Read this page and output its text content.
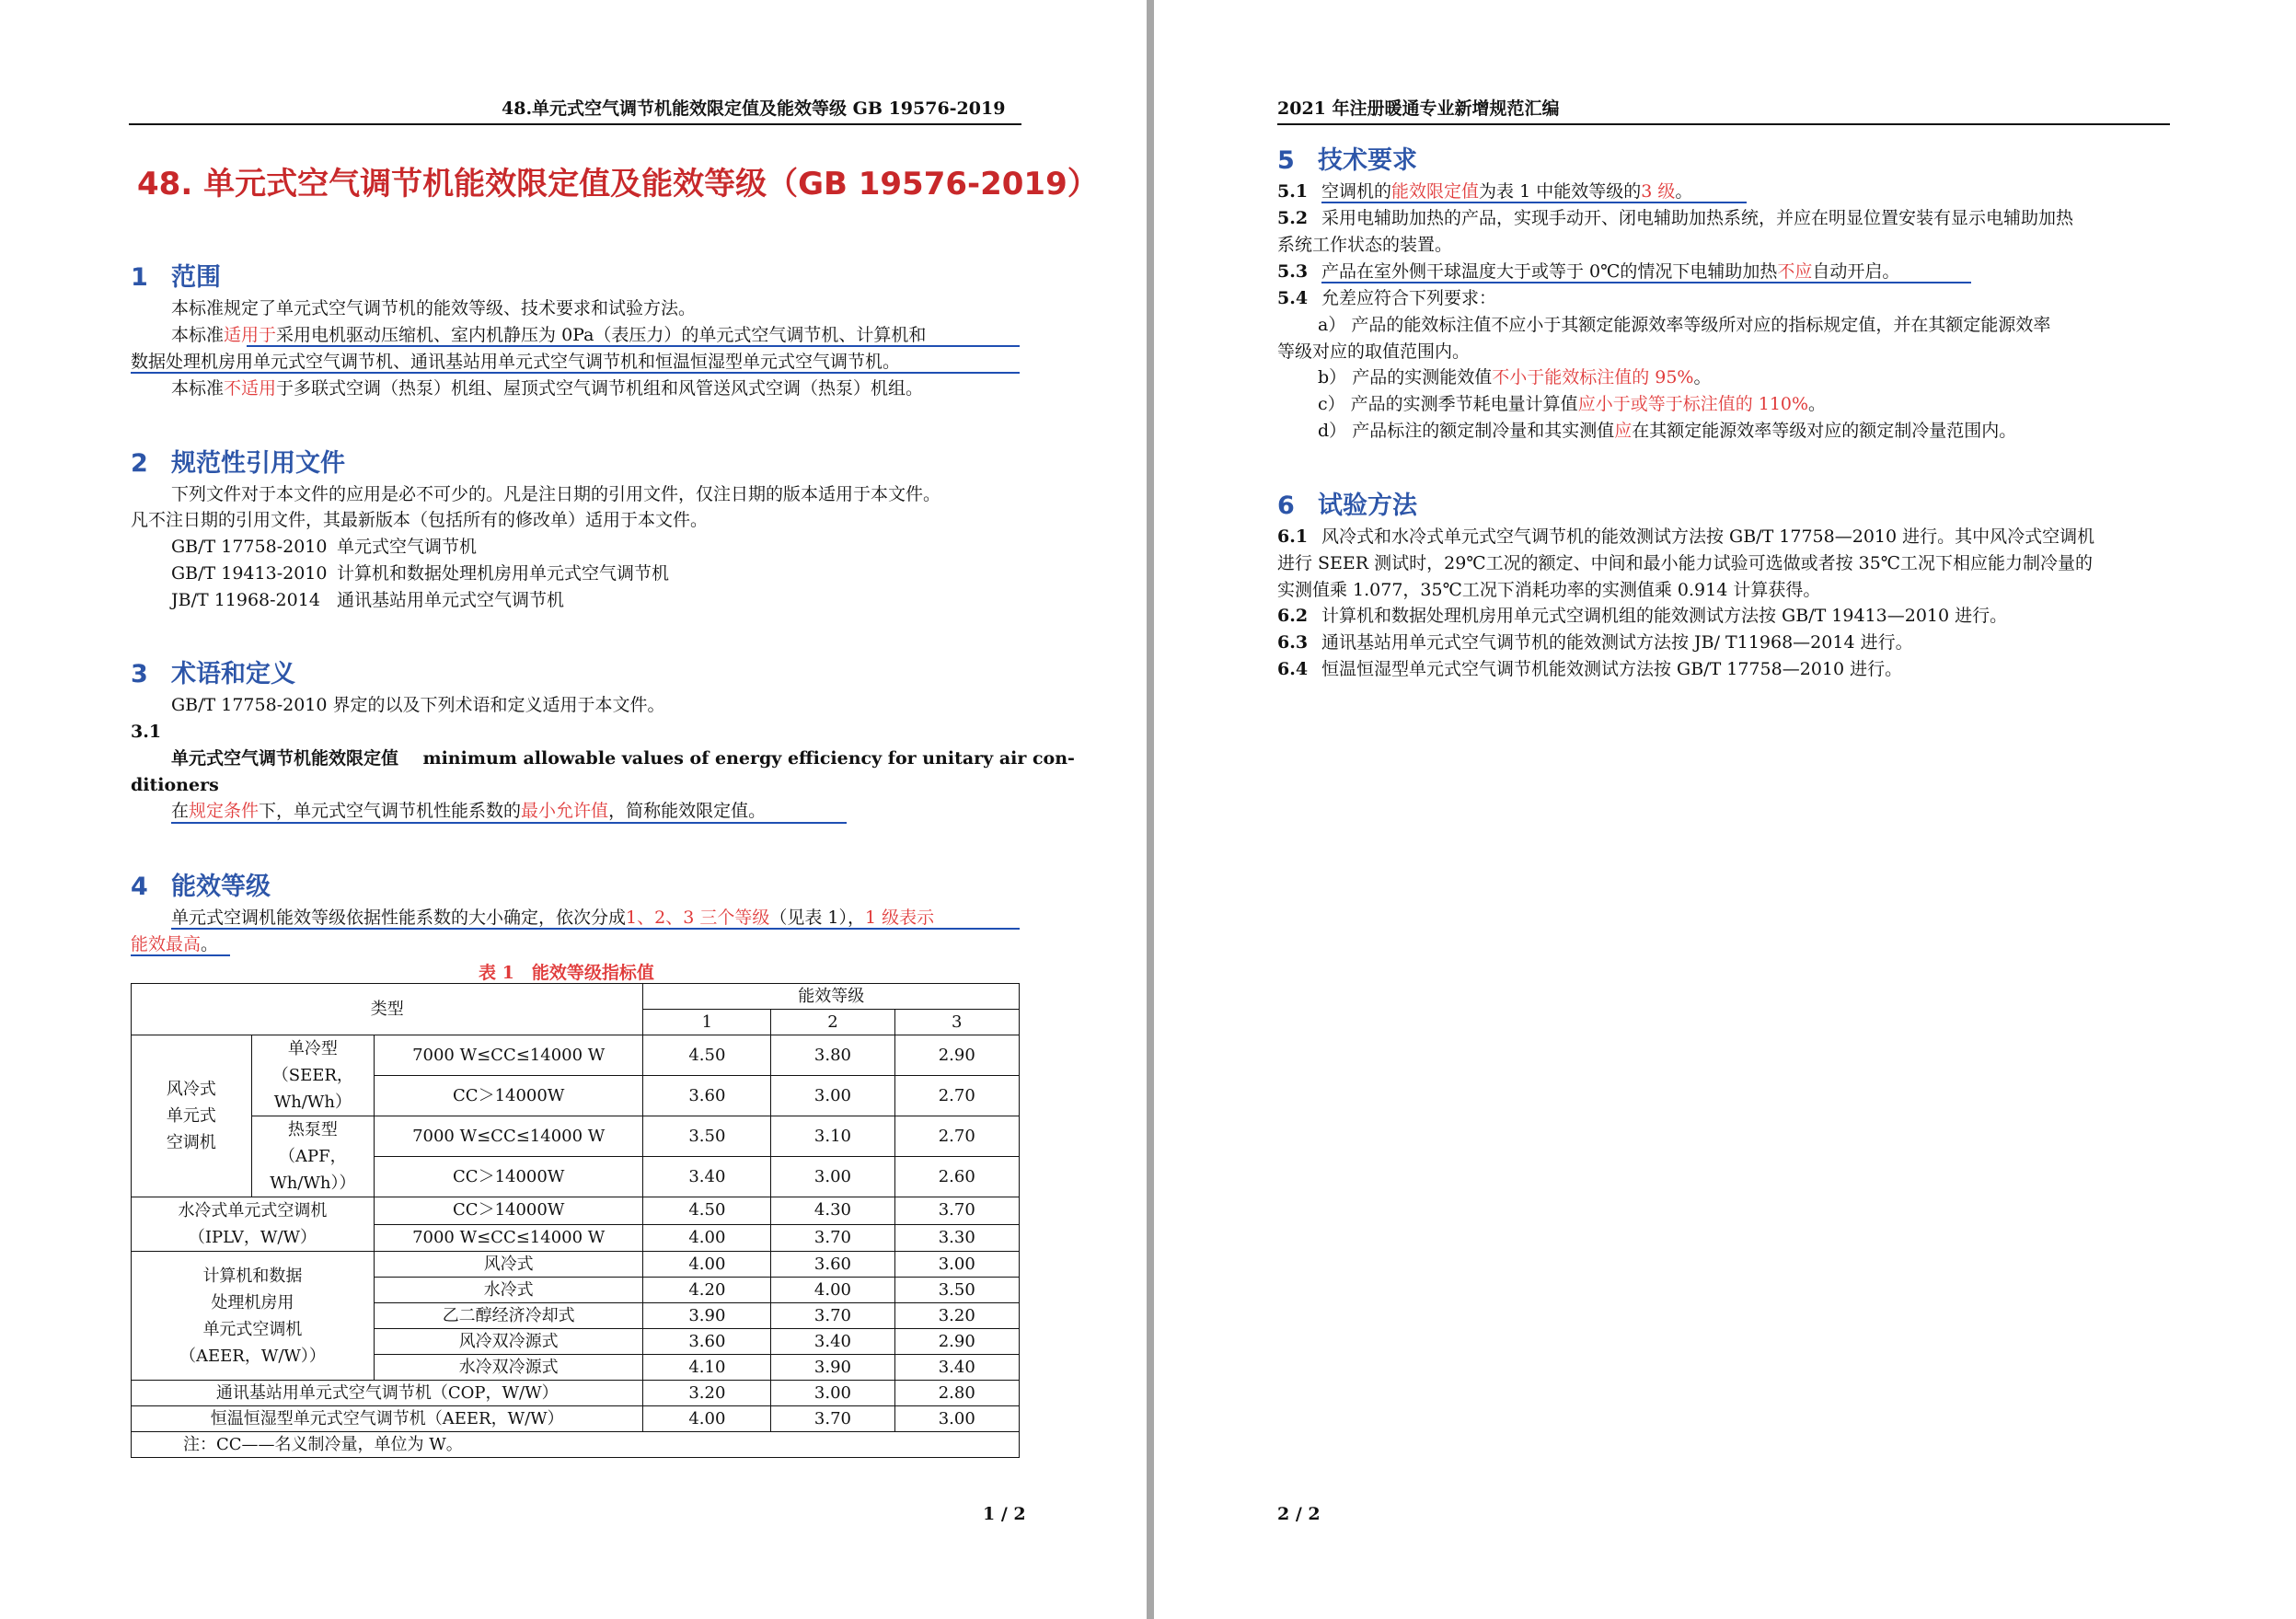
48.单元式空气调节机能效限定值及能效等级 GB 19576-2019
48. 单元式空气调节机能效限定值及能效等级（GB 19576-2019）
1 范围
本标准规定了单元式空气调节机的能效等级、技术要求和试验方法。
本标准适用于采用电机驱动压缩机、室内机静压为 0Pa（表压力）的单元式空气调节机、计算机和
数据处理机房用单元式空气调节机、通讯基站用单元式空气调节机和恒温恒湿型单元式空气调节机。
本标准不适用于多联式空调（热泵）机组、屋顶式空气调节机组和风管送风式空调（热泵）机组。
2 规范性引用文件
下列文件对于本文件的应用是必不可少的。凡是注日期的引用文件，仅注日期的版本适用于本文件。
凡不注日期的引用文件，其最新版本（包括所有的修改单）适用于本文件。
GB/T 17758-2010 单元式空气调节机
GB/T 19413-2010 计算机和数据处理机房用单元式空气调节机
JB/T 11968-2014 通讯基站用单元式空气调节机
3 术语和定义
GB/T 17758-2010 界定的以及下列术语和定义适用于本文件。
3.1
单元式空气调节机能效限定值 minimum allowable values of energy efficiency for unitary air con-
ditioners
在规定条件下，单元式空气调节机性能系数的最小允许值，简称能效限定值。
4 能效等级
单元式空调机能效等级依据性能系数的大小确定，依次分成1、2、3 三个等级（见表 1），1 级表示
能效最高。
表 1　能效等级指标值
类型			能效等级		
			1	2	3
风冷式
单元式
空调机	单冷型
（SEER，Wh/Wh）	7000 W≤CC≤14000 W	4.50	3.80	2.90
		CC＞14000W	3.60	3.00	2.70
	热泵型
（APF，Wh/Wh））	7000 W≤CC≤14000 W	3.50	3.10	2.70
		CC＞14000W	3.40	3.00	2.60
水冷式单元式空调机
（IPLV，W/W）		CC＞14000W	4.50	4.30	3.70
		7000 W≤CC≤14000 W	4.00	3.70	3.30
计算机和数据
处理机房用
单元式空调机
（AEER，W/W））		风冷式	4.00	3.60	3.00
		水冷式	4.20	4.00	3.50
		乙二醇经济冷却式	3.90	3.70	3.20
		风冷双冷源式	3.60	3.40	2.90
		水冷双冷源式	4.10	3.90	3.40
通讯基站用单元式空气调节机（COP，W/W）			3.20	3.00	2.80
恒温恒湿型单元式空气调节机（AEER，W/W）			4.00	3.70	3.00
注：CC——名义制冷量，单位为 W。					
1 / 2
2021 年注册暖通专业新增规范汇编
5 技术要求
5.1 空调机的能效限定值为表 1 中能效等级的3 级。
5.2 采用电辅助加热的产品，实现手动开、闭电辅助加热系统，并应在明显位置安装有显示电辅助加热
系统工作状态的装置。
5.3 产品在室外侧干球温度大于或等于 0℃的情况下电辅助加热不应自动开启。
5.4 允差应符合下列要求：
a） 产品的能效标注值不应小于其额定能源效率等级所对应的指标规定值，并在其额定能源效率
等级对应的取值范围内。
b） 产品的实测能效值不小于能效标注值的 95%。
c） 产品的实测季节耗电量计算值应小于或等于标注值的 110%。
d） 产品标注的额定制冷量和其实测值应在其额定能源效率等级对应的额定制冷量范围内。
6 试验方法
6.1 风冷式和水冷式单元式空气调节机的能效测试方法按 GB/T 17758—2010 进行。其中风冷式空调机
进行 SEER 测试时，29℃工况的额定、中间和最小能力试验可选做或者按 35℃工况下相应能力制冷量的
实测值乘 1.077，35℃工况下消耗功率的实测值乘 0.914 计算获得。
6.2 计算机和数据处理机房用单元式空调机组的能效测试方法按 GB/T 19413—2010 进行。
6.3 通讯基站用单元式空气调节机的能效测试方法按 JB/ T11968—2014 进行。
6.4 恒温恒湿型单元式空气调节机能效测试方法按 GB/T 17758—2010 进行。
2 / 2
